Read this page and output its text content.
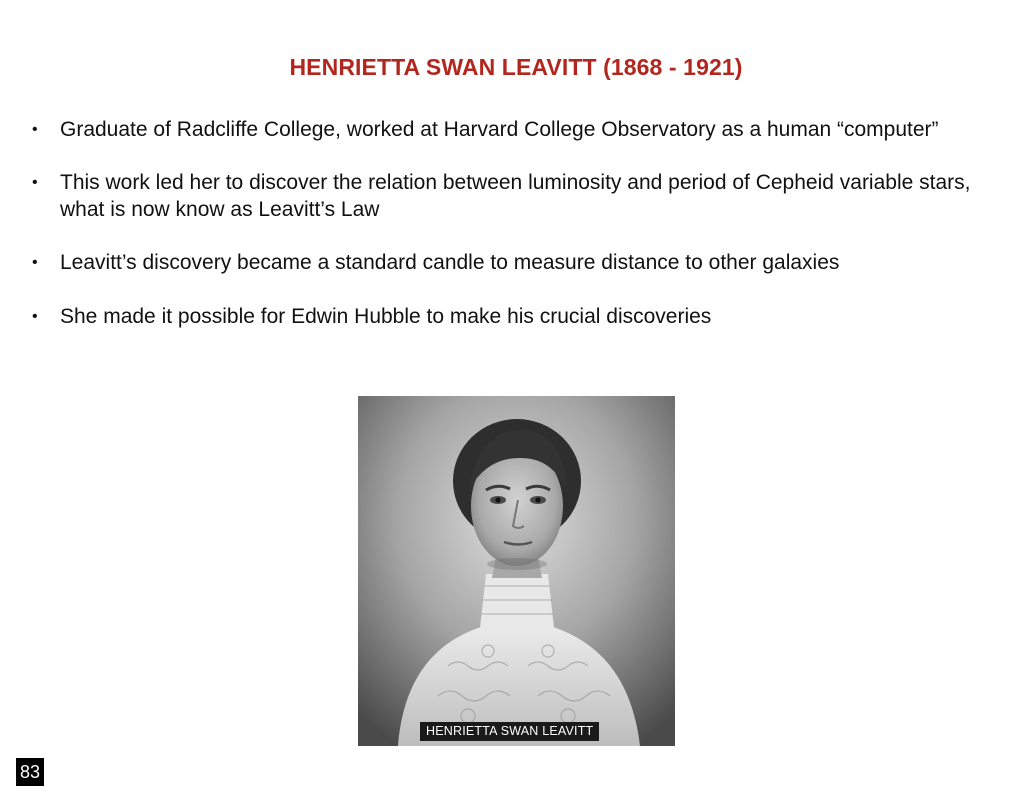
HENRIETTA SWAN LEAVITT (1868 - 1921)
• Graduate of Radcliffe College, worked at Harvard College Observatory as a human “computer”
• This work led her to discover the relation between luminosity and period of Cepheid variable stars, what is now know as Leavitt’s Law
• Leavitt’s discovery became a standard candle to measure distance to other galaxies
• She made it possible for Edwin Hubble to make his crucial discoveries
HENRIETTA SWAN LEAVITT
83
